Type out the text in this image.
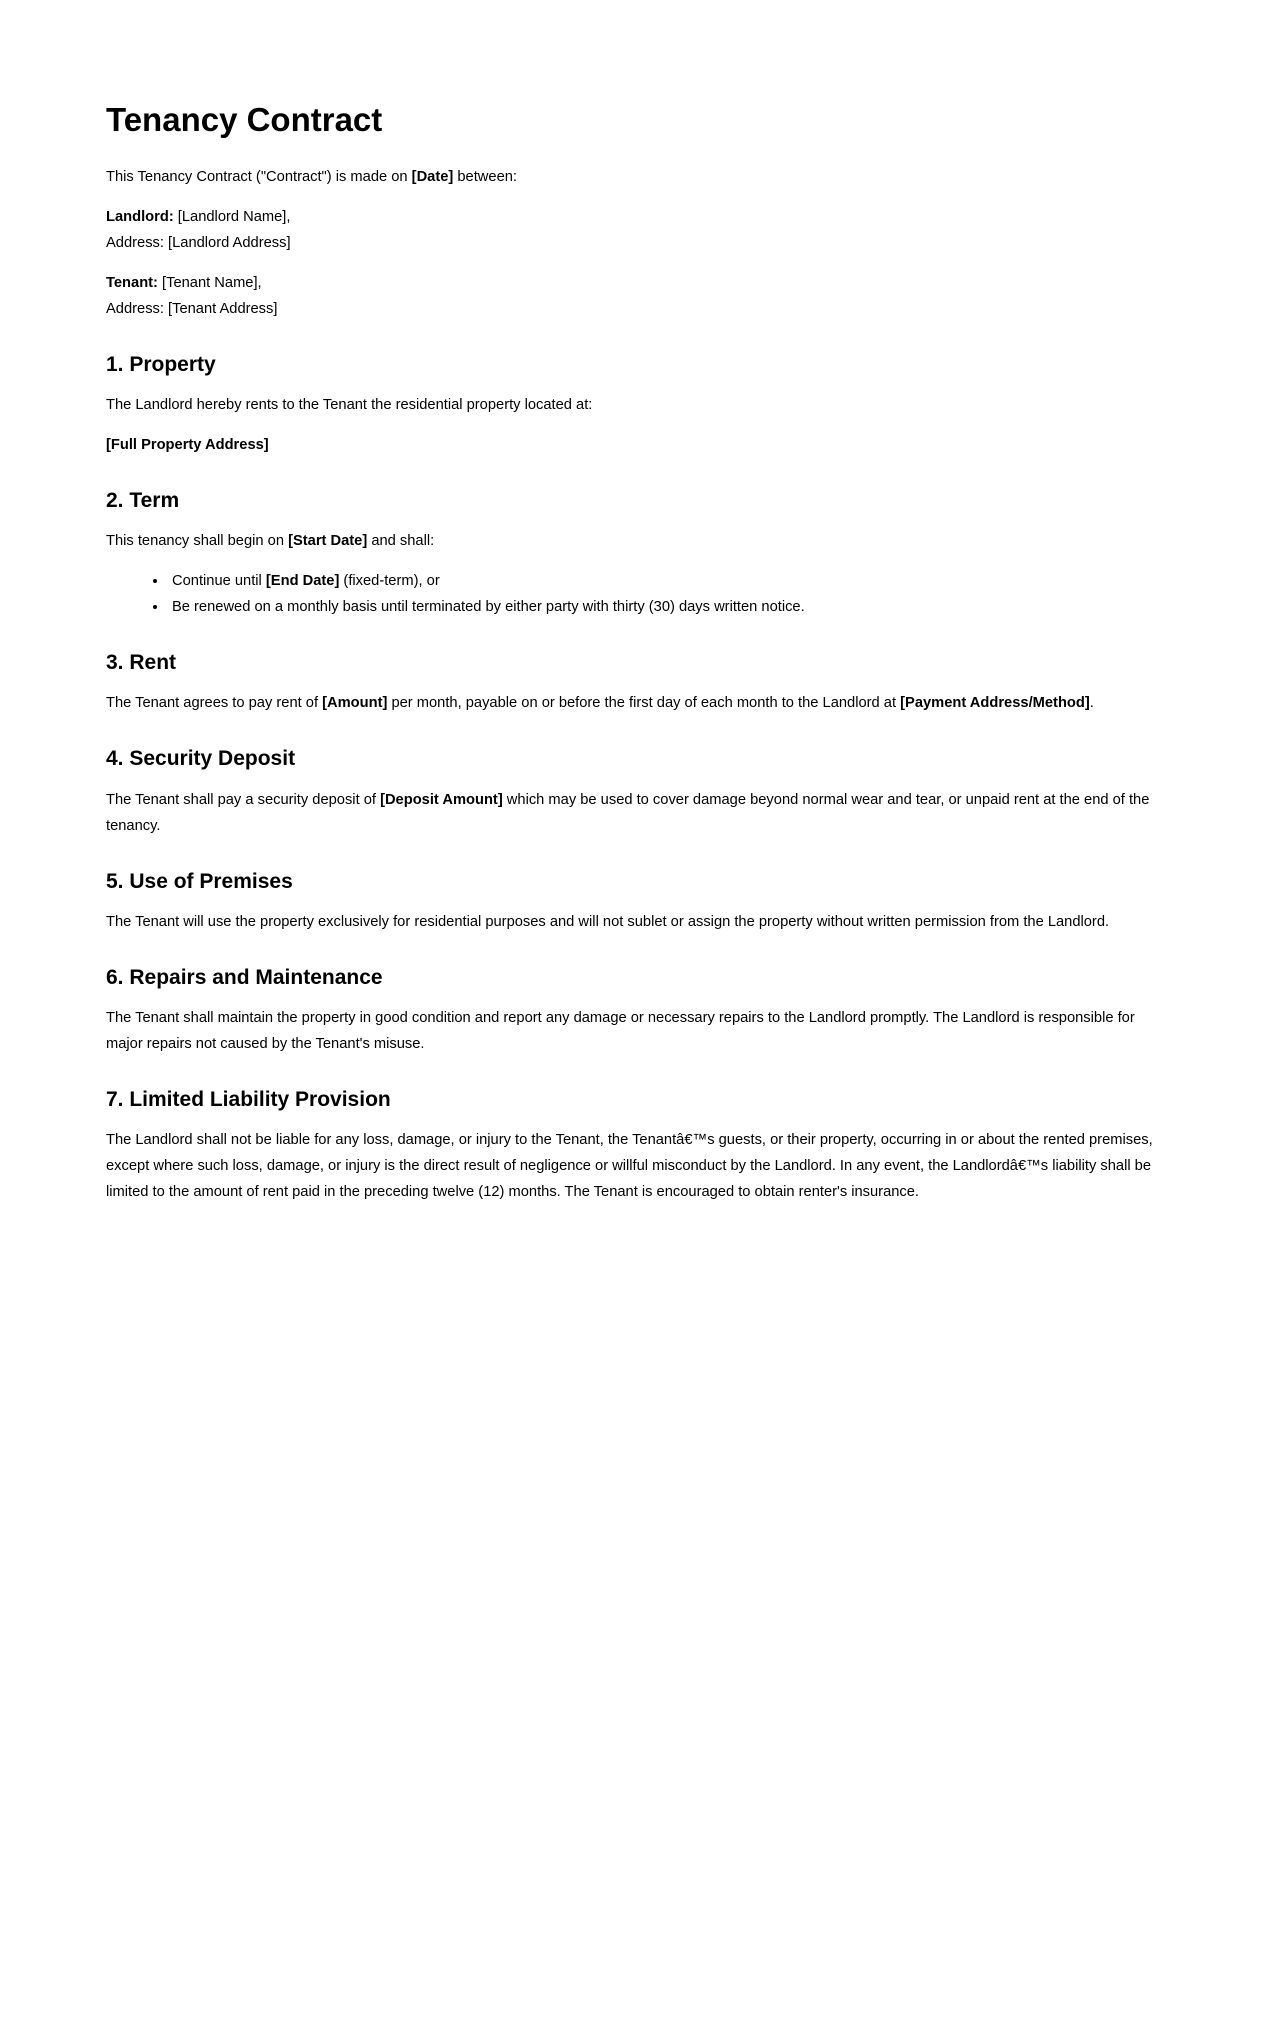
Tenancy Contract

This Tenancy Contract ("Contract") is made on [Date] between:

Landlord: [Landlord Name],
Address: [Landlord Address]

Tenant: [Tenant Name],
Address: [Tenant Address]

1. Property

The Landlord hereby rents to the Tenant the residential property located at:

[Full Property Address]

2. Term

This tenancy shall begin on [Start Date] and shall:

• Continue until [End Date] (fixed-term), or
• Be renewed on a monthly basis until terminated by either party with thirty (30) days written notice.
3. Rent

The Tenant agrees to pay rent of [Amount] per month, payable on or before the first day of each month to the Landlord at [Payment Address/Method].

4. Security Deposit

The Tenant shall pay a security deposit of [Deposit Amount] which may be used to cover damage beyond normal wear and tear, or unpaid rent at the end of the tenancy.

5. Use of Premises

The Tenant will use the property exclusively for residential purposes and will not sublet or assign the property without written permission from the Landlord.

6. Repairs and Maintenance

The Tenant shall maintain the property in good condition and report any damage or necessary repairs to the Landlord promptly. The Landlord is responsible for major repairs not caused by the Tenant's misuse.

7. Limited Liability Provision

The Landlord shall not be liable for any loss, damage, or injury to the Tenant, the Tenantâ€™s guests, or their property, occurring in or about the rented premises, except where such loss, damage, or injury is the direct result of negligence or willful misconduct by the Landlord. In any event, the Landlordâ€™s liability shall be limited to the amount of rent paid in the preceding twelve (12) months. The Tenant is encouraged to obtain renter's insurance.
